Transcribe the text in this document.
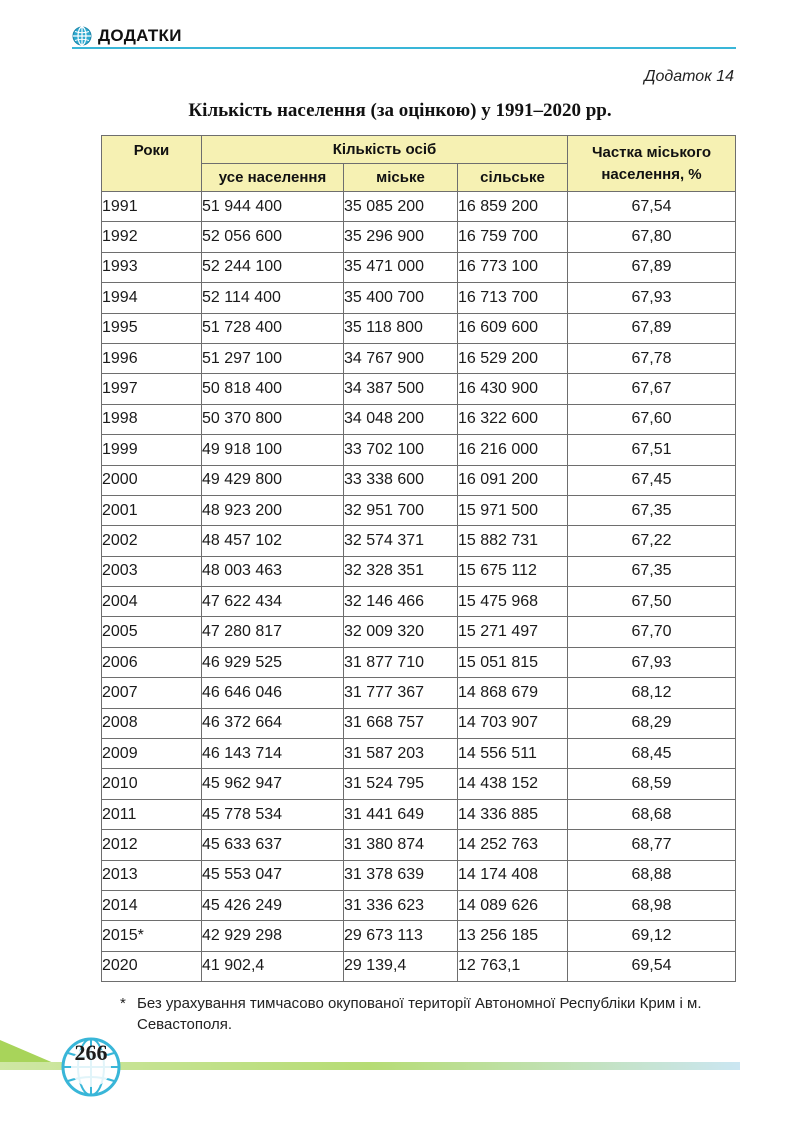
ДОДАТКИ
Додаток 14
Кількість населення (за оцінкою) у 1991–2020 рр.
Роки	Кількість осіб			Частка міського населення, %
	усе населення	міське	сільське	
1991	51 944 400	35 085 200	16 859 200	67,54
1992	52 056 600	35 296 900	16 759 700	67,80
1993	52 244 100	35 471 000	16 773 100	67,89
1994	52 114 400	35 400 700	16 713 700	67,93
1995	51 728 400	35 118 800	16 609 600	67,89
1996	51 297 100	34 767 900	16 529 200	67,78
1997	50 818 400	34 387 500	16 430 900	67,67
1998	50 370 800	34 048 200	16 322 600	67,60
1999	49 918 100	33 702 100	16 216 000	67,51
2000	49 429 800	33 338 600	16 091 200	67,45
2001	48 923 200	32 951 700	15 971 500	67,35
2002	48 457 102	32 574 371	15 882 731	67,22
2003	48 003 463	32 328 351	15 675 112	67,35
2004	47 622 434	32 146 466	15 475 968	67,50
2005	47 280 817	32 009 320	15 271 497	67,70
2006	46 929 525	31 877 710	15 051 815	67,93
2007	46 646 046	31 777 367	14 868 679	68,12
2008	46 372 664	31 668 757	14 703 907	68,29
2009	46 143 714	31 587 203	14 556 511	68,45
2010	45 962 947	31 524 795	14 438 152	68,59
2011	45 778 534	31 441 649	14 336 885	68,68
2012	45 633 637	31 380 874	14 252 763	68,77
2013	45 553 047	31 378 639	14 174 408	68,88
2014	45 426 249	31 336 623	14 089 626	68,98
2015*	42 929 298	29 673 113	13 256 185	69,12
2020	41 902,4	29 139,4	12 763,1	69,54
* Без урахування тимчасово окупованої території Автономної Республіки Крим і м. Севастополя.
266
